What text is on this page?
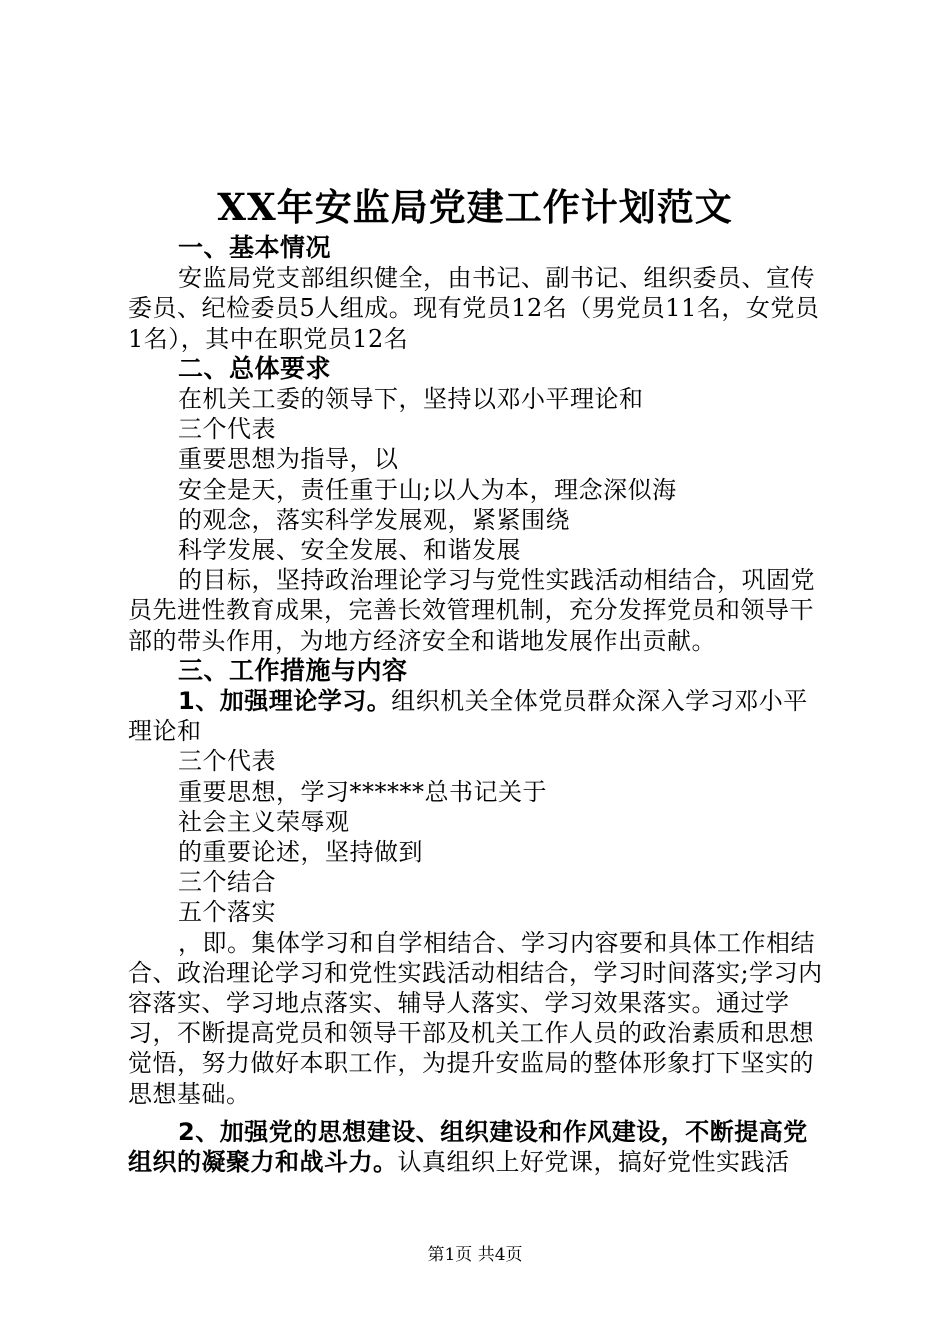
XX年安监局党建工作计划范文

一、基本情况

安监局党支部组织健全，由书记、副书记、组织委员、宣传委员、纪检委员5人组成。现有党员12名（男党员11名，女党员1名），其中在职党员12名

二、总体要求

在机关工委的领导下，坚持以邓小平理论和

三个代表

重要思想为指导，以

安全是天，责任重于山;以人为本，理念深似海

的观念，落实科学发展观，紧紧围绕

科学发展、安全发展、和谐发展

的目标，坚持政治理论学习与党性实践活动相结合，巩固党员先进性教育成果，完善长效管理机制，充分发挥党员和领导干部的带头作用，为地方经济安全和谐地发展作出贡献。

三、工作措施与内容

1、加强理论学习。组织机关全体党员群众深入学习邓小平理论和

三个代表

重要思想，学习******总书记关于

社会主义荣辱观

的重要论述，坚持做到

三个结合

五个落实

，即。集体学习和自学相结合、学习内容要和具体工作相结合、政治理论学习和党性实践活动相结合，学习时间落实;学习内容落实、学习地点落实、辅导人落实、学习效果落实。通过学习，不断提高党员和领导干部及机关工作人员的政治素质和思想觉悟，努力做好本职工作，为提升安监局的整体形象打下坚实的思想基础。

2、加强党的思想建设、组织建设和作风建设，不断提高党组织的凝聚力和战斗力。认真组织上好党课，搞好党性实践活

第1页 共4页
